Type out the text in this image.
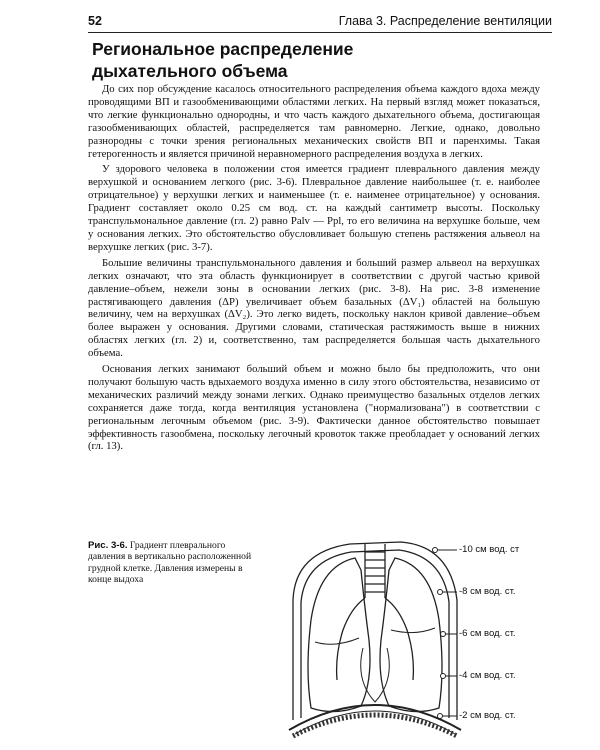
52	Глава 3. Распределение вентиляции
Региональное распределение
дыхательного объема

До сих пор обсуждение касалось относительного распределения объема каждого вдоха между проводящими ВП и газообменивающими областями легких. На первый взгляд может показаться, что легкие функционально однородны, и что часть каждого дыхательного объема, достигающая газообменивающих областей, распределяется там равномерно. Легкие, однако, довольно разнородны с точки зрения региональных механических свойств ВП и паренхимы. Такая гетерогенность и является причиной неравномерного распределения воздуха в легких.

У здорового человека в положении стоя имеется градиент плеврального давления между верхушкой и основанием легкого (рис. 3-6). Плевральное давление наибольшее (т. е. наиболее отрицательное) у верхушки легких и наименьшее (т. е. наименее отрицательное) у основания. Градиент составляет около 0.25 см вод. ст. на каждый сантиметр высоты. Поскольку транспульмональное давление (гл. 2) равно Palv — Ppl, то его величина на верхушке больше, чем у основания легких. Это обстоятельство обусловливает большую степень растяжения альвеол на верхушке легких (рис. 3-7).

Большие величины транспульмонального давления и больший размер альвеол на верхушках легких означают, что эта область функционирует в соответствии с другой частью кривой давление–объем, нежели зоны в основании легких (рис. 3-8). На рис. 3-8 изменение растягивающего давления (ΔP) увеличивает объем базальных (ΔV₁) областей на большую величину, чем на верхушках (ΔV₂). Это легко видеть, поскольку наклон кривой давление–объем более выражен у основания. Другими словами, статическая растяжимость выше в нижних областях легких (гл. 2) и, соответственно, там распределяется большая часть дыхательного объема.

Основания легких занимают больший объем и можно было бы предположить, что они получают большую часть вдыхаемого воздуха именно в силу этого обстоятельства, независимо от механических различий между зонами легких. Однако преимущество базальных отделов легких сохраняется даже тогда, когда вентиляция установлена ("нормализована") в соответствии с региональным легочным объемом (рис. 3-9). Фактически данное обстоятельство повышает эффективность газообмена, поскольку легочный кровоток также преобладает у оснований легких (гл. 13).

Рис. 3-6. Градиент плеврального давления в вертикально расположенной грудной клетке. Давления измерены в конце выдоха
-10 см вод. ст
-8 см вод. ст.
-6 см вод. ст.
-4 см вод. ст.
-2 см вод. ст.
